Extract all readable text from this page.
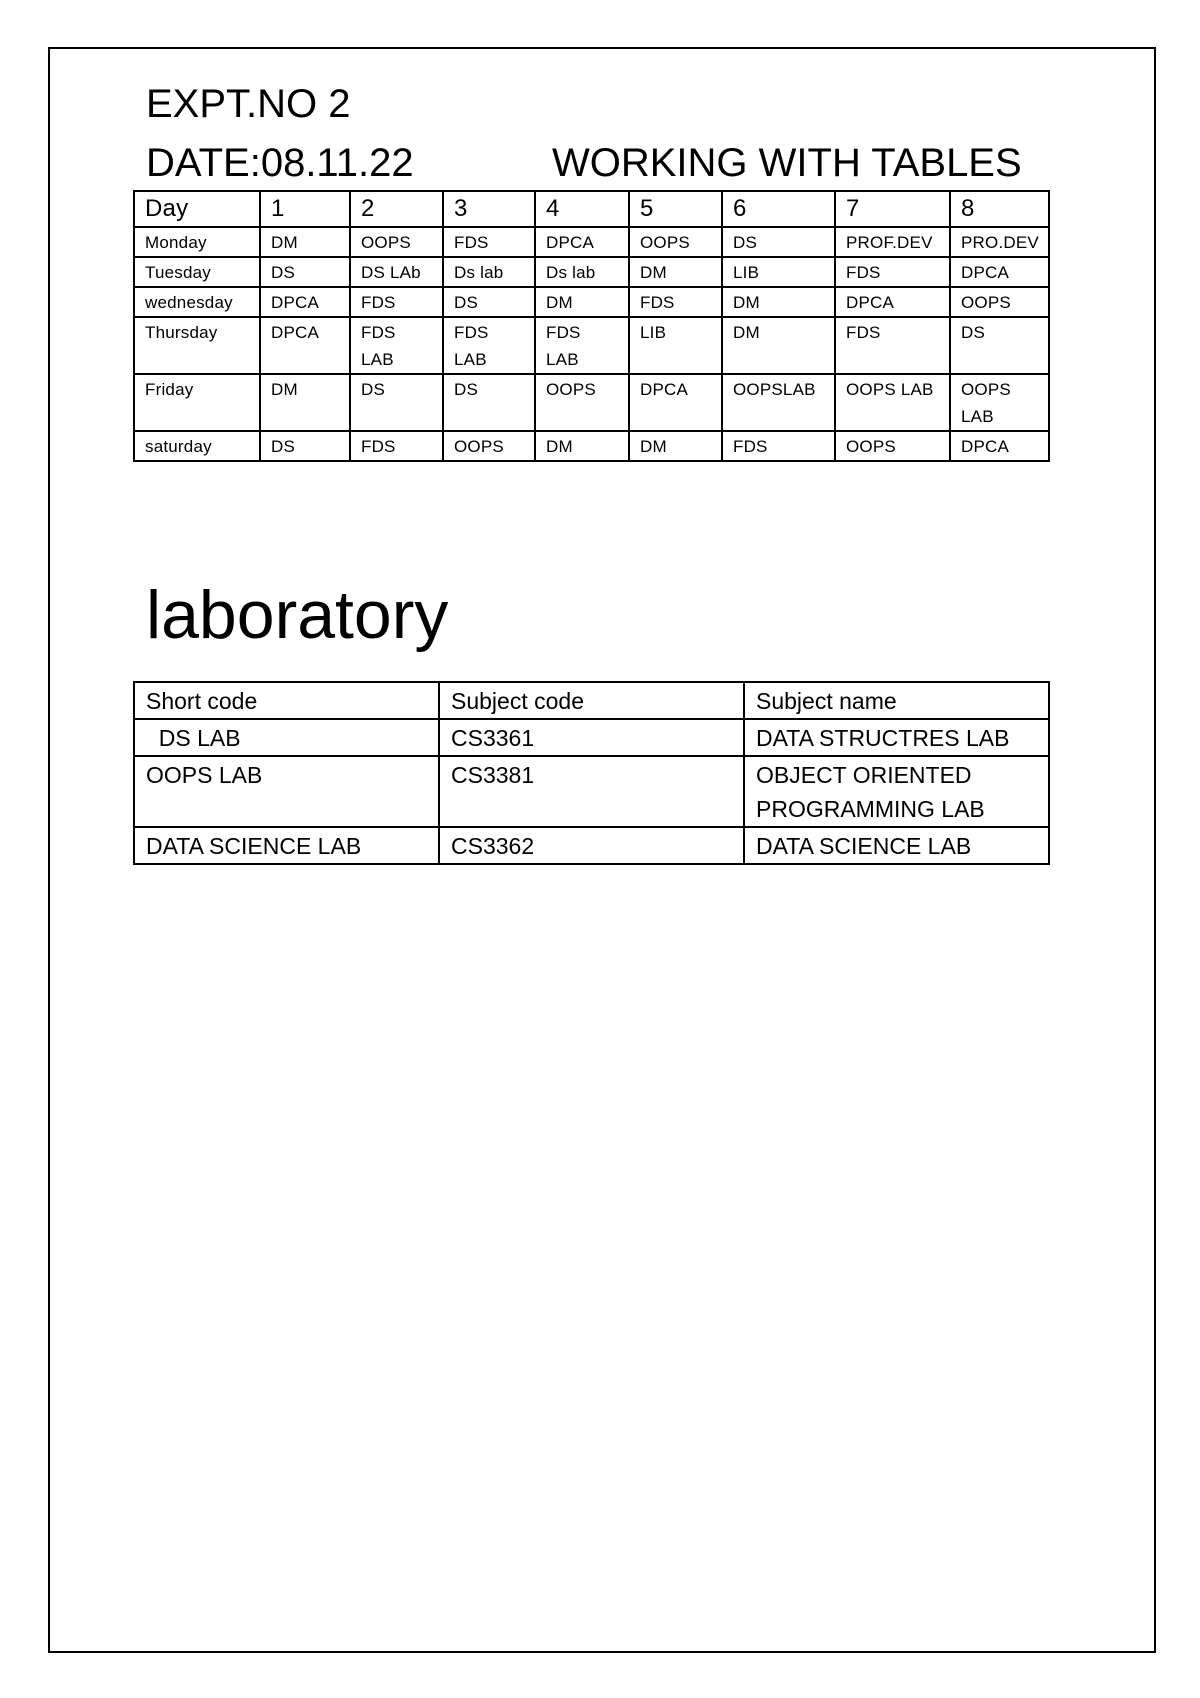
EXPT.NO 2
DATE:08.11.22	WORKING WITH TABLES
Day	1	2	3	4	5	6	7	8
Monday	DM	OOPS	FDS	DPCA	OOPS	DS	PROF.DEV	PRO.DEV
Tuesday	DS	DS LAb	Ds lab	Ds lab	DM	LIB	FDS	DPCA
wednesday	DPCA	FDS	DS	DM	FDS	DM	DPCA	OOPS
Thursday	DPCA	FDS LAB	FDS LAB	FDS LAB	LIB	DM	FDS	DS
Friday	DM	DS	DS	OOPS	DPCA	OOPSLAB	OOPS LAB	OOPS LAB
saturday	DS	FDS	OOPS	DM	DM	FDS	OOPS	DPCA
laboratory
Short code	Subject code	Subject name
DS LAB	CS3361	DATA STRUCTRES LAB
OOPS LAB	CS3381	OBJECT ORIENTED PROGRAMMING LAB
DATA SCIENCE LAB	CS3362	DATA SCIENCE LAB
